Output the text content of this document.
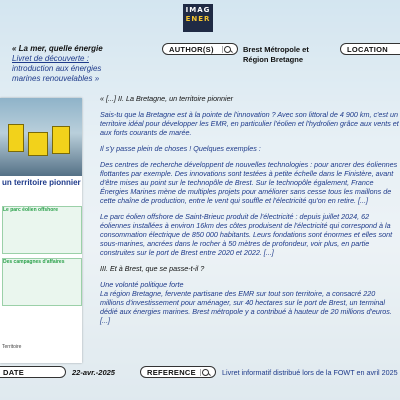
IMAG
ENER
« La mer, quelle énergie
Livret de découverte :
introduction aux énergies
marines renouvelables »
AUTHOR(S)	Brest Métropole et
Région Bretagne
LOCATION
un territoire pionnier
Le parc éolien offshore
Des campagnes d'affaires
Territoire

« [...] II. La Bretagne, un territoire pionnier

Sais-tu que la Bretagne est à la pointe de l'innovation ? Avec son littoral de 4 900 km, c'est un territoire idéal pour développer les EMR, en particulier l'éolien et l'hydrolien grâce aux vents et aux forts courants de marée.

Il s'y passe plein de choses ! Quelques exemples :

Des centres de recherche développent de nouvelles technologies : pour ancrer des éoliennes flottantes par exemple. Des innovations sont testées à petite échelle dans le Finistère, avant d'être mises au point sur le technopôle de Brest. Sur le technopôle également, France Énergies Marines mène de multiples projets pour améliorer sans cesse tous les maillons de cette chaîne de production, entre le vent qui souffle et l'électricité qu'on en retire. [...]

Le parc éolien offshore de Saint-Brieuc produit de l'électricité : depuis juillet 2024, 62 éoliennes installées à environ 16km des côtes produisent de l'électricité qui correspond à la consommation électrique de 850 000 habitants. Leurs fondations sont énormes et elles sont sous-marines, ancrées dans le rocher à 50 mètres de profondeur, voir plus, en partie construites sur le port de Brest entre 2020 et 2022. [...]

III. Et à Brest, que se passe-t-il ?

Une volonté politique forte

La région Bretagne, fervente partisane des EMR sur tout son territoire, a consacré 220 millions d'investissement pour aménager, sur 40 hectares sur le port de Brest, un terminal dédié aux énergies marines. Brest métropole y a contribué à hauteur de 20 millions d'euros. [...]

DATE	22-avr.-2025	REFERENCE	Livret informatif distribué lors de la FOWT en avril 2025
